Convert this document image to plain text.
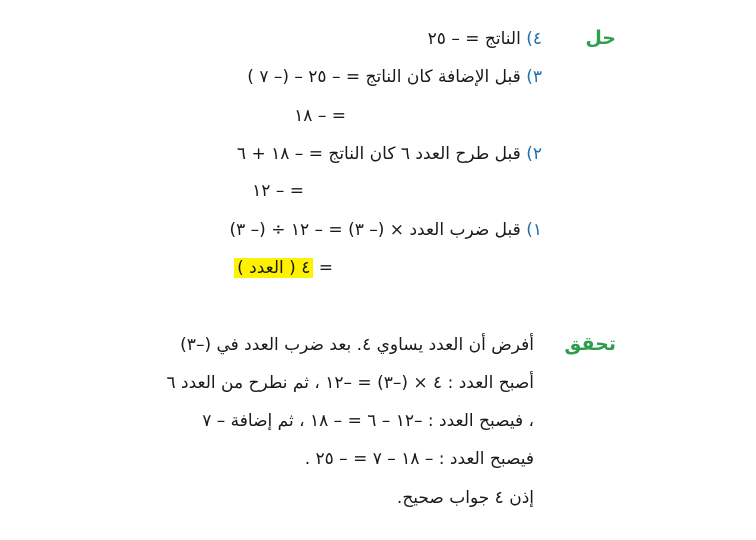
حل
٤) الناتج = – ٢٥
٣) قبل الإضافة كان الناتج = – ٢٥ – (– ٧ )
= – ١٨
٢) قبل طرح العدد ٦ كان الناتج = – ١٨ + ٦
= – ١٢
١) قبل ضرب العدد × (– ٣) = – ١٢ ÷ (– ٣)
= ٤ ( العدد )
تحقق
أفرض أن العدد يساوي ٤. بعد ضرب العدد في (–٣)
أصبح العدد : ٤ × (–٣) = –١٢ ، ثم نطرح من العدد ٦
، فيصبح العدد : –١٢ – ٦ = – ١٨ ، ثم إضافة – ٧
فيصبح العدد : – ١٨ – ٧ = – ٢٥ .
إذن ٤ جواب صحيح.
